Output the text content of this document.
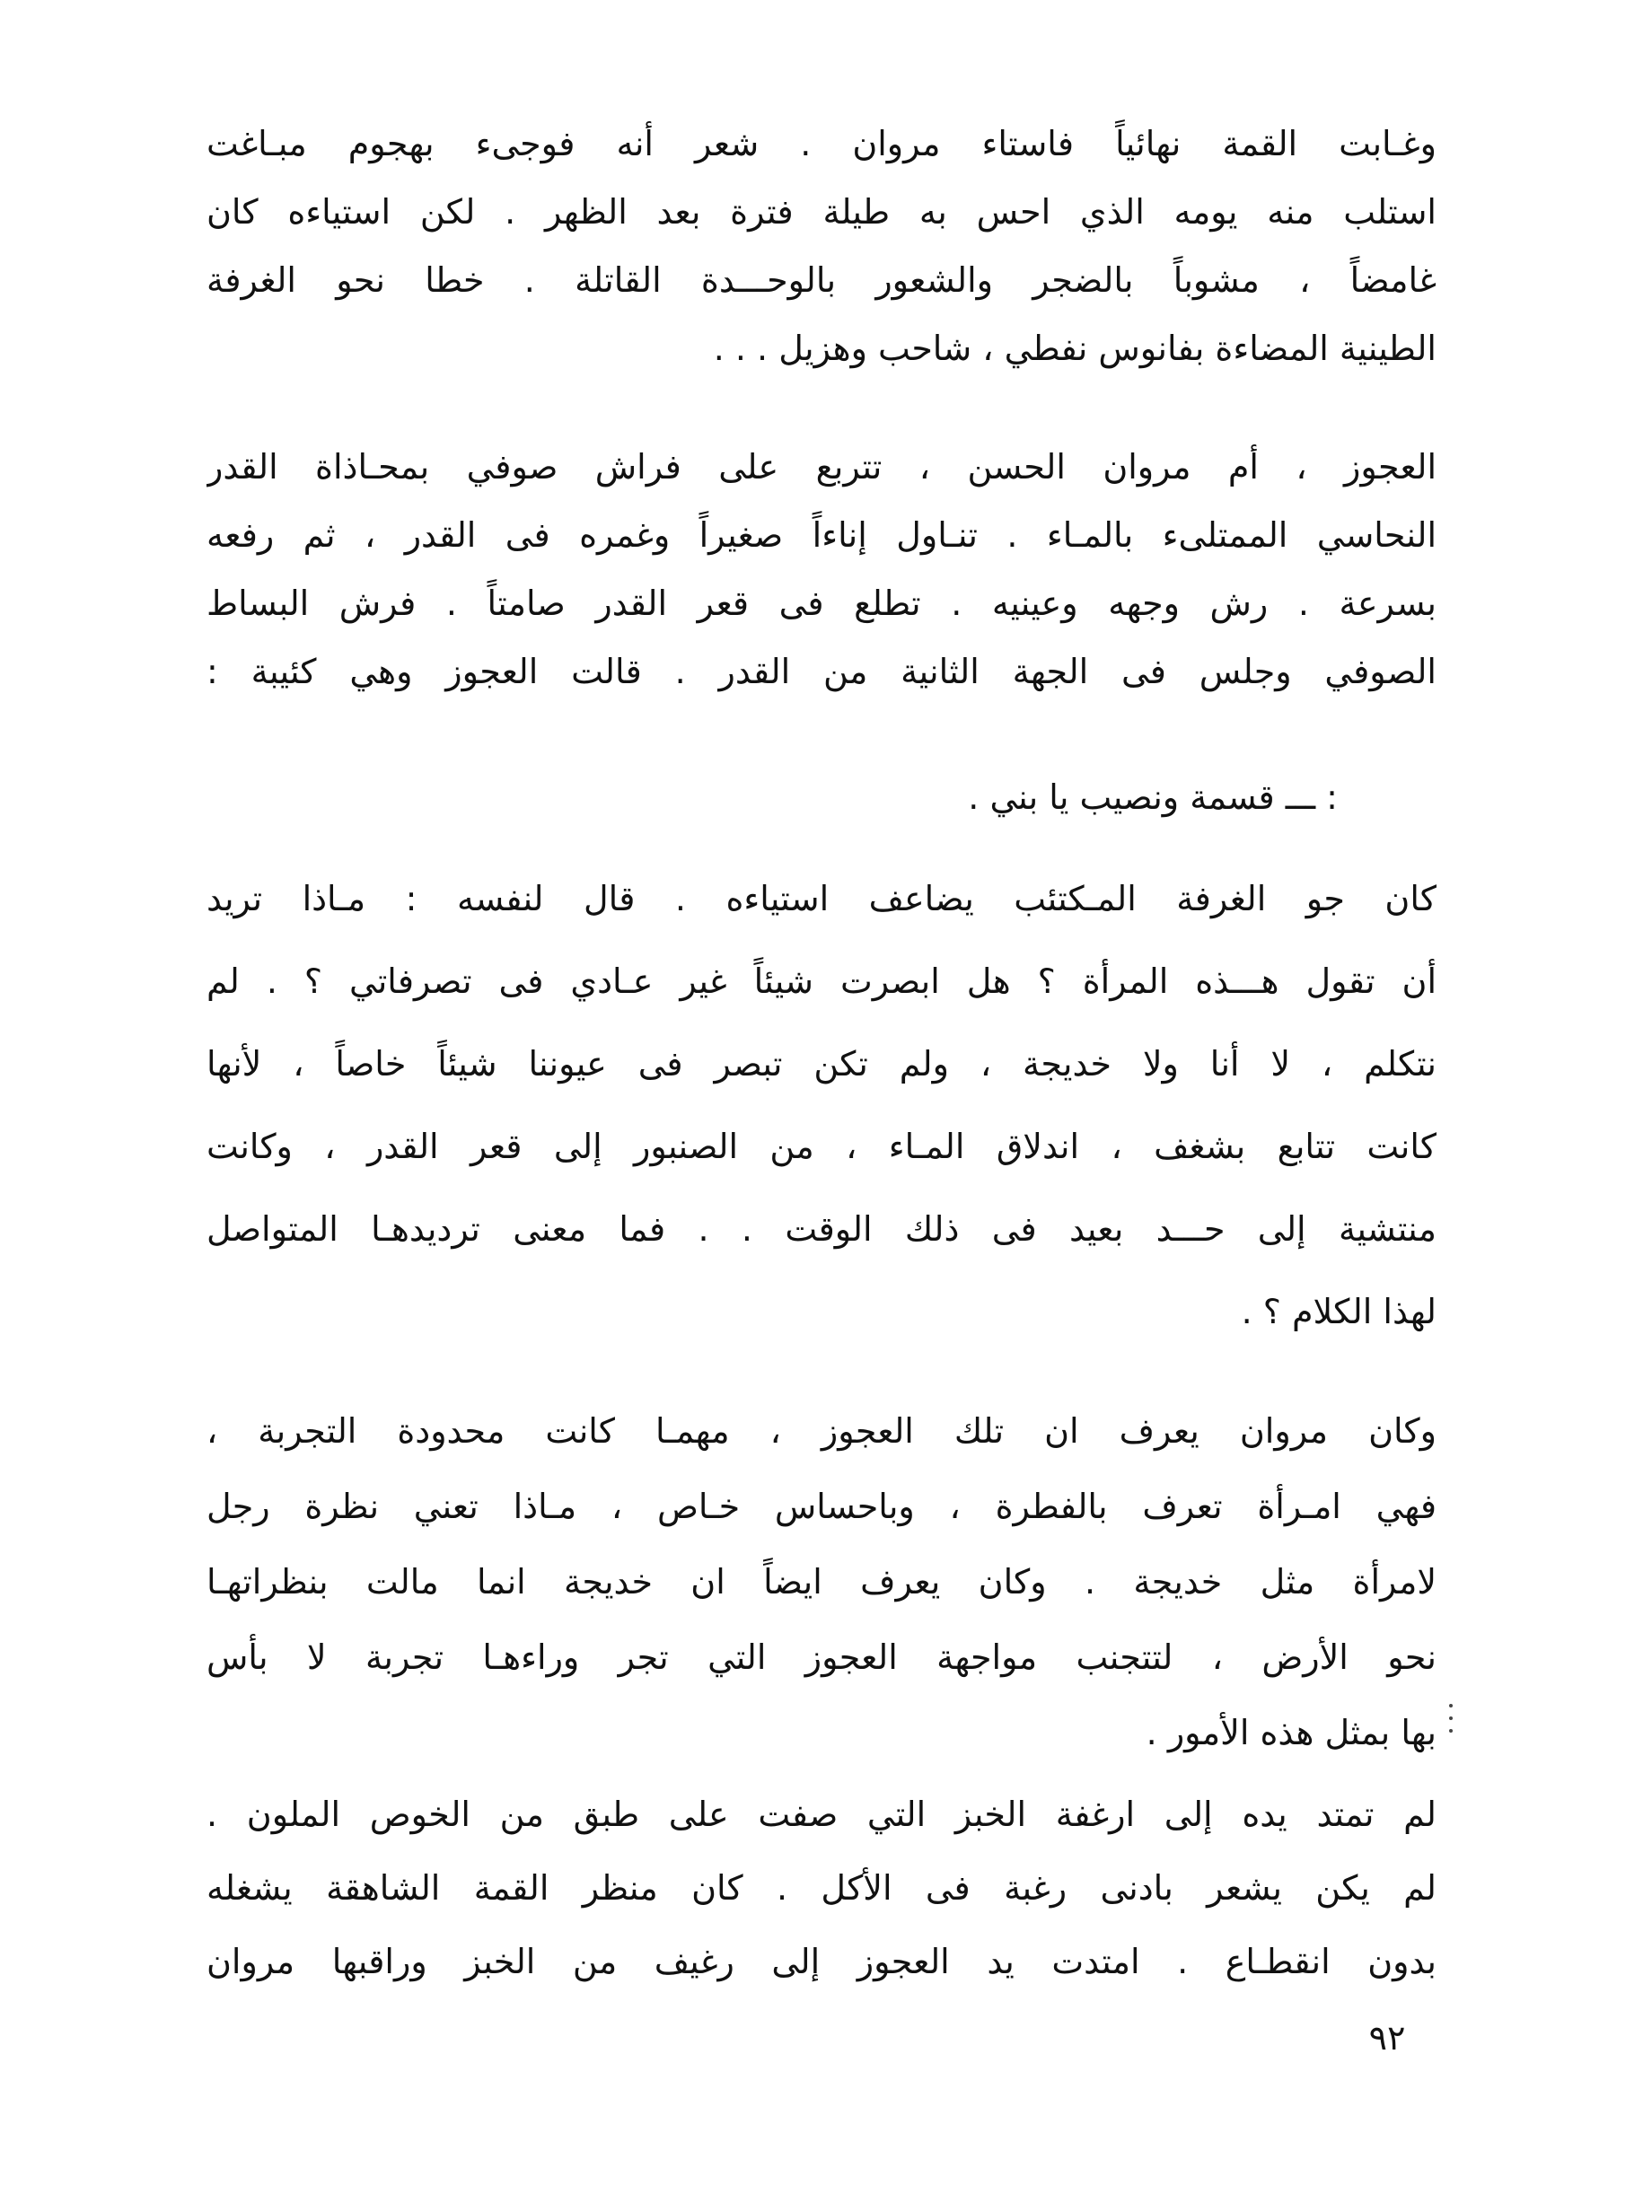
وغـابت القمة نهائياً فاستاء مروان . شعر أنه فوجىء بهجوم مبـاغت
استلب منه يومه الذي احس به طيلة فترة بعد الظهر . لكن استياءه كان
غامضاً ، مشوباً بالضجر والشعور بالوحـــدة القاتلة . خطا نحو الغرفة
الطينية المضاءة بفانوس نفطي ، شاحب وهزيل . . .
العجوز ، أم مروان الحسن ، تتربع على فراش صوفي بمحـاذاة القدر
النحاسي الممتلىء بالمـاء . تنـاول إناءاً صغيراً وغمره فى القدر ، ثم رفعه
بسرعة . رش وجهه وعينيه . تطلع فى قعر القدر صامتاً . فرش البساط
الصوفي وجلس فى الجهة الثانية من القدر . قالت العجوز وهي كئيبة :
: ـــ قسمة ونصيب يا بني .
كان جو الغرفة المـكتئب يضاعف استياءه . قال لنفسه : مـاذا تريد
أن تقول هـــذه المرأة ؟ هل ابصرت شيئاً غير عـادي فى تصرفاتي ؟ . لم
نتكلم ، لا أنا ولا خديجة ، ولم تكن تبصر فى عيوننا شيئاً خاصاً ، لأنها
كانت تتابع بشغف ، اندلاق المـاء ، من الصنبور إلى قعر القدر ، وكانت
منتشية إلى حـــد بعيد فى ذلك الوقت . . فما معنى ترديدهـا المتواصل
لهذا الكلام ؟ .
وكان مروان يعرف ان تلك العجوز ، مهمـا كانت محدودة التجربة ،
فهي امـرأة تعرف بالفطرة ، وباحساس خـاص ، مـاذا تعني نظرة رجل
لامرأة مثل خديجة . وكان يعرف ايضاً ان خديجة انما مالت بنظراتهـا
نحو الأرض ، لتتجنب مواجهة العجوز التي تجر وراءهـا تجربة لا بأس
بها بمثل هذه الأمور .
لم تمتد يده إلى ارغفة الخبز التي صفت على طبق من الخوص الملون .
لم يكن يشعر بادنى رغبة فى الأكل . كان منظر القمة الشاهقة يشغله
بدون انقطـاع . امتدت يد العجوز إلى رغيف من الخبز وراقبها مروان
٩٢
